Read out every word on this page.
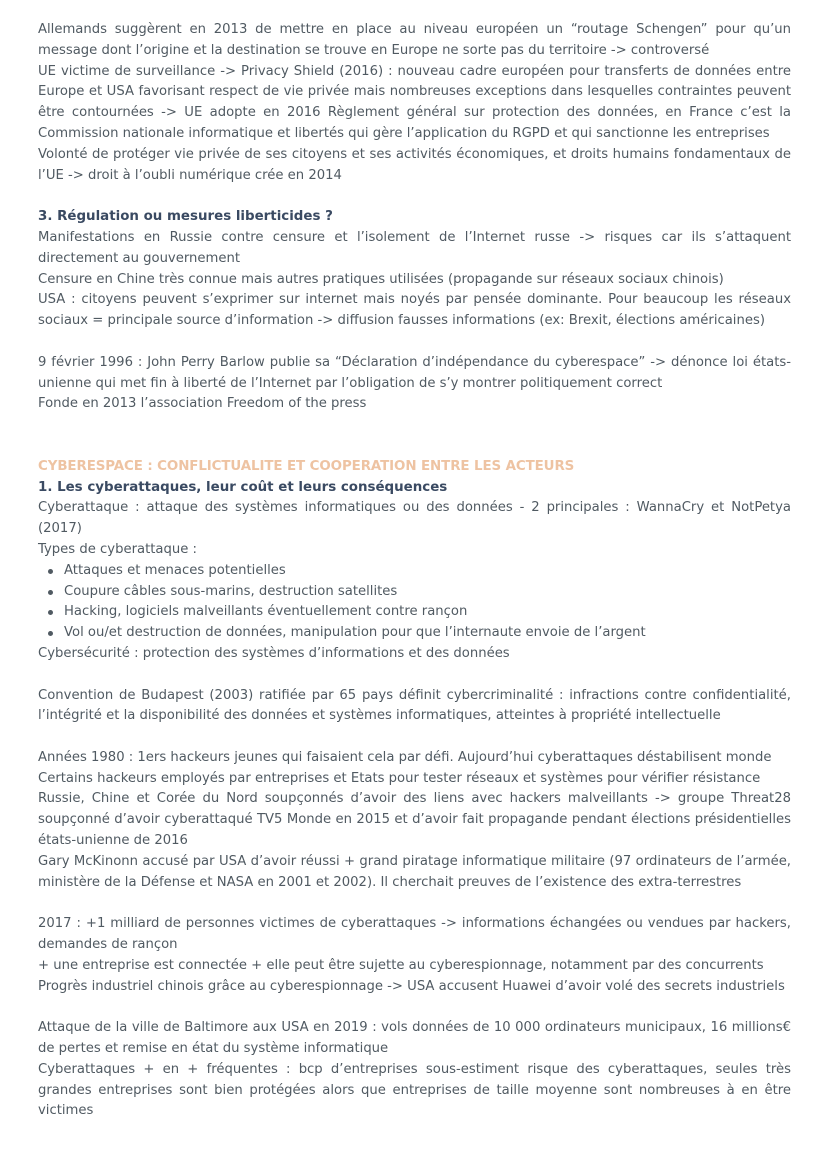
Allemands suggèrent en 2013 de mettre en place au niveau européen un “routage Schengen” pour qu’un message dont l’origine et la destination se trouve en Europe ne sorte pas du territoire -> controversé

UE victime de surveillance -> Privacy Shield (2016) : nouveau cadre européen pour transferts de données entre Europe et USA favorisant respect de vie privée mais nombreuses exceptions dans lesquelles contraintes peuvent être contournées -> UE adopte en 2016 Règlement général sur protection des données, en France c’est la Commission nationale informatique et libertés qui gère l’application du RGPD et qui sanctionne les entreprises

Volonté de protéger vie privée de ses citoyens et ses activités économiques, et droits humains fondamentaux de l’UE -> droit à l’oubli numérique crée en 2014

3. Régulation ou mesures liberticides ?

Manifestations en Russie contre censure et l’isolement de l’Internet russe -> risques car ils s’attaquent directement au gouvernement

Censure en Chine très connue mais autres pratiques utilisées (propagande sur réseaux sociaux chinois)

USA : citoyens peuvent s’exprimer sur internet mais noyés par pensée dominante. Pour beaucoup les réseaux sociaux = principale source d’information -> diffusion fausses informations (ex: Brexit, élections américaines)

9 février 1996 : John Perry Barlow publie sa “Déclaration d’indépendance du cyberespace” -> dénonce loi états-unienne qui met fin à liberté de l’Internet par l’obligation de s’y montrer politiquement correct

Fonde en 2013 l’association Freedom of the press

CYBERESPACE : CONFLICTUALITE ET COOPERATION ENTRE LES ACTEURS
1. Les cyberattaques, leur coût et leurs conséquences

Cyberattaque : attaque des systèmes informatiques ou des données - 2 principales : WannaCry et NotPetya (2017)

Types de cyberattaque :

Attaques et menaces potentielles
Coupure câbles sous-marins, destruction satellites
Hacking, logiciels malveillants éventuellement contre rançon
Vol ou/et destruction de données, manipulation pour que l’internaute envoie de l’argent

Cybersécurité : protection des systèmes d’informations et des données

Convention de Budapest (2003) ratifiée par 65 pays définit cybercriminalité : infractions contre confidentialité, l’intégrité et la disponibilité des données et systèmes informatiques, atteintes à propriété intellectuelle

Années 1980 : 1ers hackeurs jeunes qui faisaient cela par défi. Aujourd’hui cyberattaques déstabilisent monde

Certains hackeurs employés par entreprises et Etats pour tester réseaux et systèmes pour vérifier résistance

Russie, Chine et Corée du Nord soupçonnés d’avoir des liens avec hackers malveillants -> groupe Threat28 soupçonné d’avoir cyberattaqué TV5 Monde en 2015 et d’avoir fait propagande pendant élections présidentielles états-unienne de 2016

Gary McKinonn accusé par USA d’avoir réussi + grand piratage informatique militaire (97 ordinateurs de l’armée, ministère de la Défense et NASA en 2001 et 2002). Il cherchait preuves de l’existence des extra-terrestres

2017 : +1 milliard de personnes victimes de cyberattaques -> informations échangées ou vendues par hackers, demandes de rançon

+ une entreprise est connectée + elle peut être sujette au cyberespionnage, notamment par des concurrents

Progrès industriel chinois grâce au cyberespionnage -> USA accusent Huawei d’avoir volé des secrets industriels

Attaque de la ville de Baltimore aux USA en 2019 : vols données de 10 000 ordinateurs municipaux, 16 millions€ de pertes et remise en état du système informatique

Cyberattaques + en + fréquentes : bcp d’entreprises sous-estiment risque des cyberattaques, seules très grandes entreprises sont bien protégées alors que entreprises de taille moyenne sont nombreuses à en être victimes
